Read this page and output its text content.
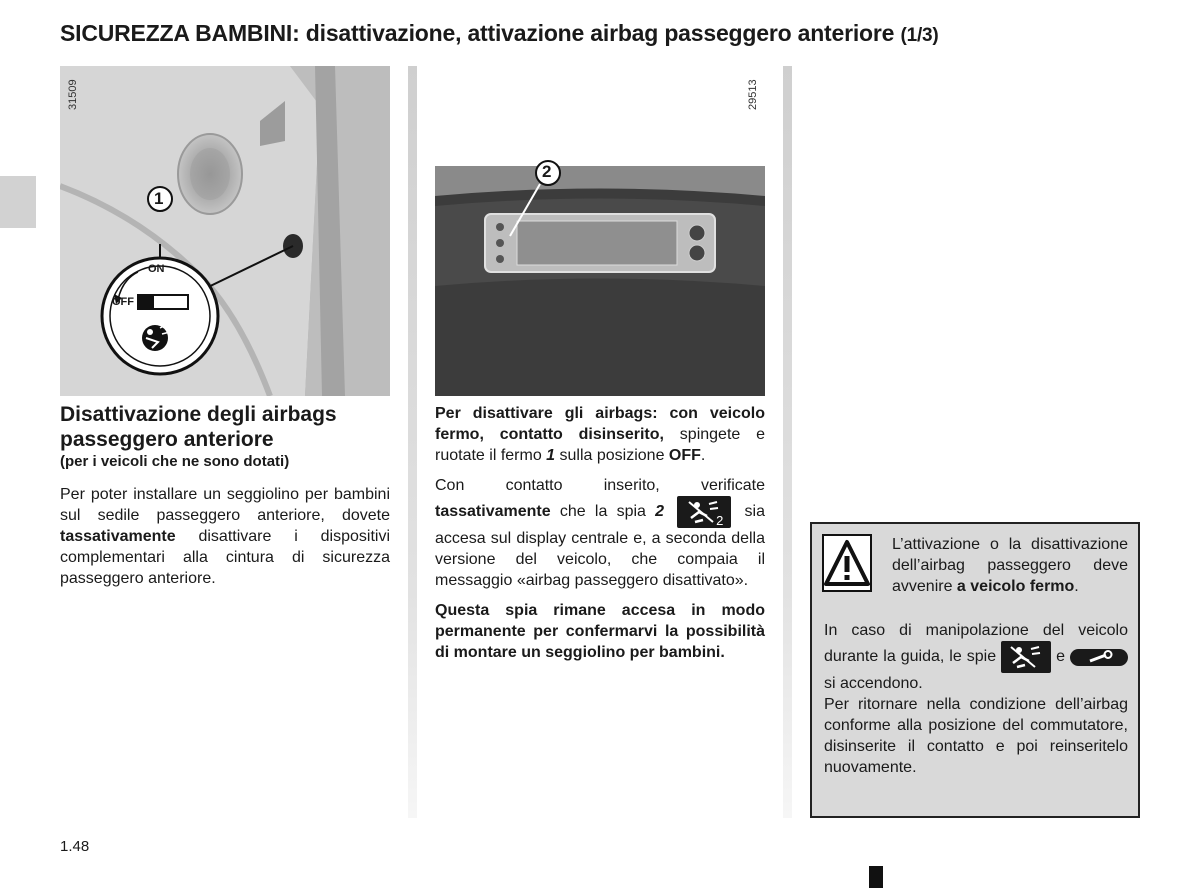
SICUREZZA BAMBINI: disattivazione, attivazione airbag passeggero anteriore (1/3)
31509
1
ON
OFF
29513
2
Disattivazione degli airbags passeggero anteriore

(per i veicoli che ne sono dotati)

Per poter installare un seggiolino per bambini sul sedile passeggero anteriore, dovete tassativamente disattivare i dispositivi complementari alla cintura di sicurezza passeggero anteriore.

Per disattivare gli airbags: con veicolo fermo, contatto disinserito, spingete e ruotate il fermo 1 sulla posizione OFF.

Con contatto inserito, verificate tassativamente che la spia 2
2
sia accesa sul display centrale e, a seconda della versione del veicolo, che compaia il messaggio «airbag passeggero disattivato».

Questa spia rimane accesa in modo permanente per confermarvi la possibilità di montare un seggiolino per bambini.

L’attivazione o la disattivazione dell’airbag passeggero deve avvenire a veicolo fermo.
In caso di manipolazione del veicolo durante la guida, le spie	e
si accendono.
Per ritornare nella condizione dell’airbag conforme alla posizione del commutatore, disinserite il contatto e poi reinseritelo nuovamente.
1.48
